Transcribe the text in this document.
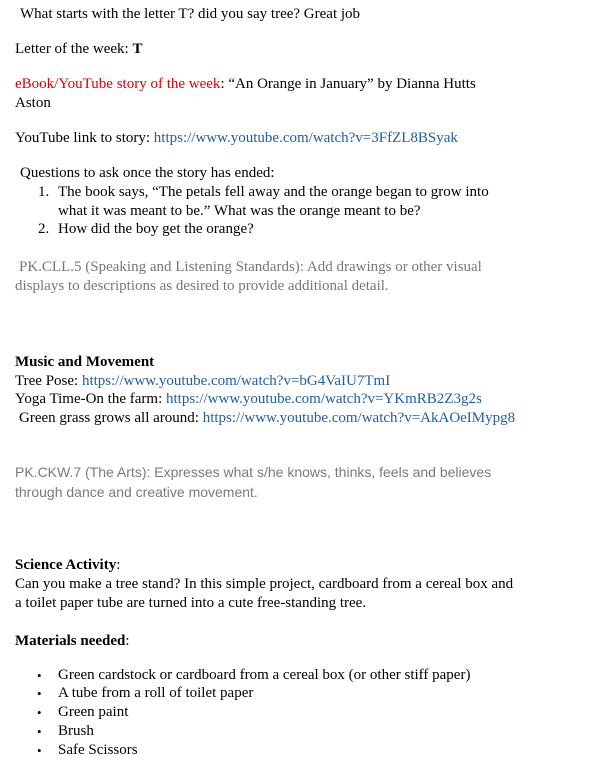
What starts with the letter T? did you say tree? Great job
Letter of the week: T
eBook/YouTube story of the week: “An Orange in January” by Dianna Hutts
Aston
YouTube link to story: https://www.youtube.com/watch?v=3FfZL8BSyak
Questions to ask once the story has ended:
1. The book says, “The petals fell away and the orange began to grow into
what it was meant to be.” What was the orange meant to be?
2. How did the boy get the orange?
PK.CLL.5 (Speaking and Listening Standards): Add drawings or other visual
displays to descriptions as desired to provide additional detail.
Music and Movement
Tree Pose: https://www.youtube.com/watch?v=bG4VaIU7TmI
Yoga Time-On the farm: https://www.youtube.com/watch?v=YKmRB2Z3g2s
Green grass grows all around: https://www.youtube.com/watch?v=AkAOeIMypg8
PK.CKW.7 (The Arts): Expresses what s/he knows, thinks, feels and believes
through dance and creative movement.
Science Activity:
Can you make a tree stand? In this simple project, cardboard from a cereal box and
a toilet paper tube are turned into a cute free-standing tree.
Materials needed:
• Green cardstock or cardboard from a cereal box (or other stiff paper)
• A tube from a roll of toilet paper
• Green paint
• Brush
• Safe Scissors
